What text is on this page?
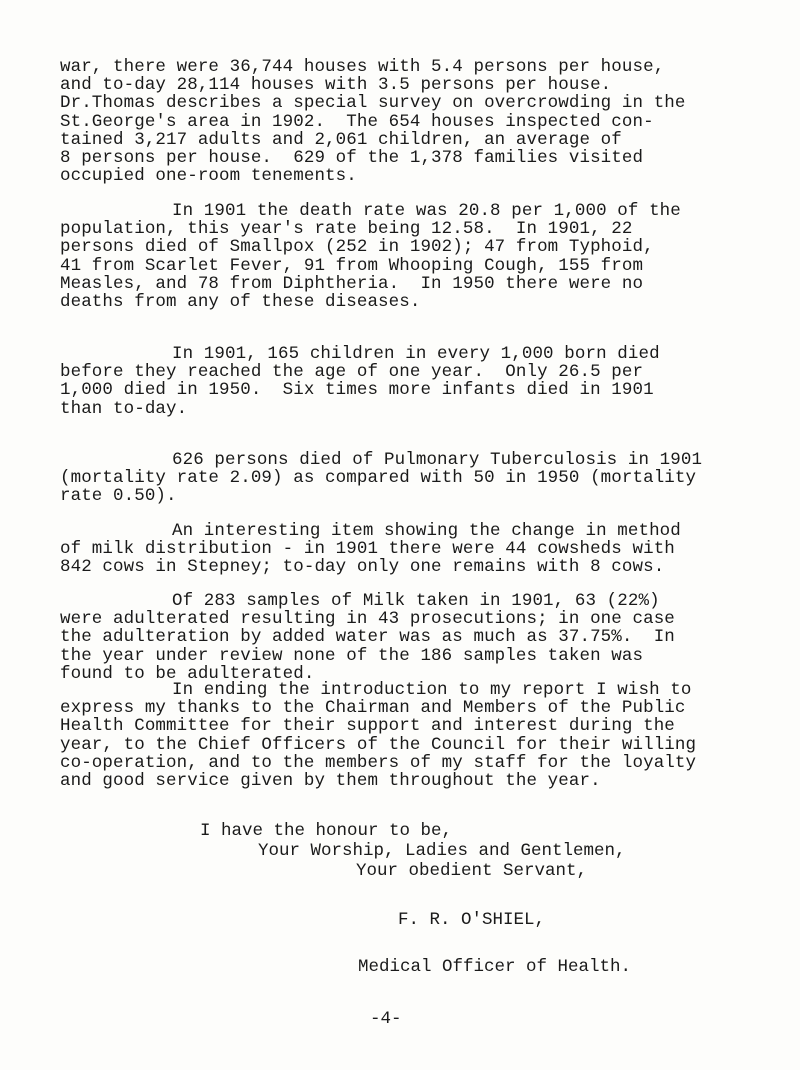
war, there were 36,744 houses with 5.4 persons per house,
and to-day 28,114 houses with 3.5 persons per house.
Dr.Thomas describes a special survey on overcrowding in the
St.George's area in 1902.  The 654 houses inspected con-
tained 3,217 adults and 2,061 children, an average of
8 persons per house.  629 of the 1,378 families visited
occupied one-room tenements.
In 1901 the death rate was 20.8 per 1,000 of the
population, this year's rate being 12.58.  In 1901, 22
persons died of Smallpox (252 in 1902); 47 from Typhoid,
41 from Scarlet Fever, 91 from Whooping Cough, 155 from
Measles, and 78 from Diphtheria.  In 1950 there were no
deaths from any of these diseases.
In 1901, 165 children in every 1,000 born died
before they reached the age of one year.  Only 26.5 per
1,000 died in 1950.  Six times more infants died in 1901
than to-day.
626 persons died of Pulmonary Tuberculosis in 1901
(mortality rate 2.09) as compared with 50 in 1950 (mortality
rate 0.50).
An interesting item showing the change in method
of milk distribution - in 1901 there were 44 cowsheds with
842 cows in Stepney; to-day only one remains with 8 cows.
Of 283 samples of Milk taken in 1901, 63 (22%)
were adulterated resulting in 43 prosecutions; in one case
the adulteration by added water was as much as 37.75%.  In
the year under review none of the 186 samples taken was
found to be adulterated.
In ending the introduction to my report I wish to
express my thanks to the Chairman and Members of the Public
Health Committee for their support and interest during the
year, to the Chief Officers of the Council for their willing
co-operation, and to the members of my staff for the loyalty
and good service given by them throughout the year.
I have the honour to be,
Your Worship, Ladies and Gentlemen,
Your obedient Servant,
F. R. O'SHIEL,
Medical Officer of Health.
-4-
